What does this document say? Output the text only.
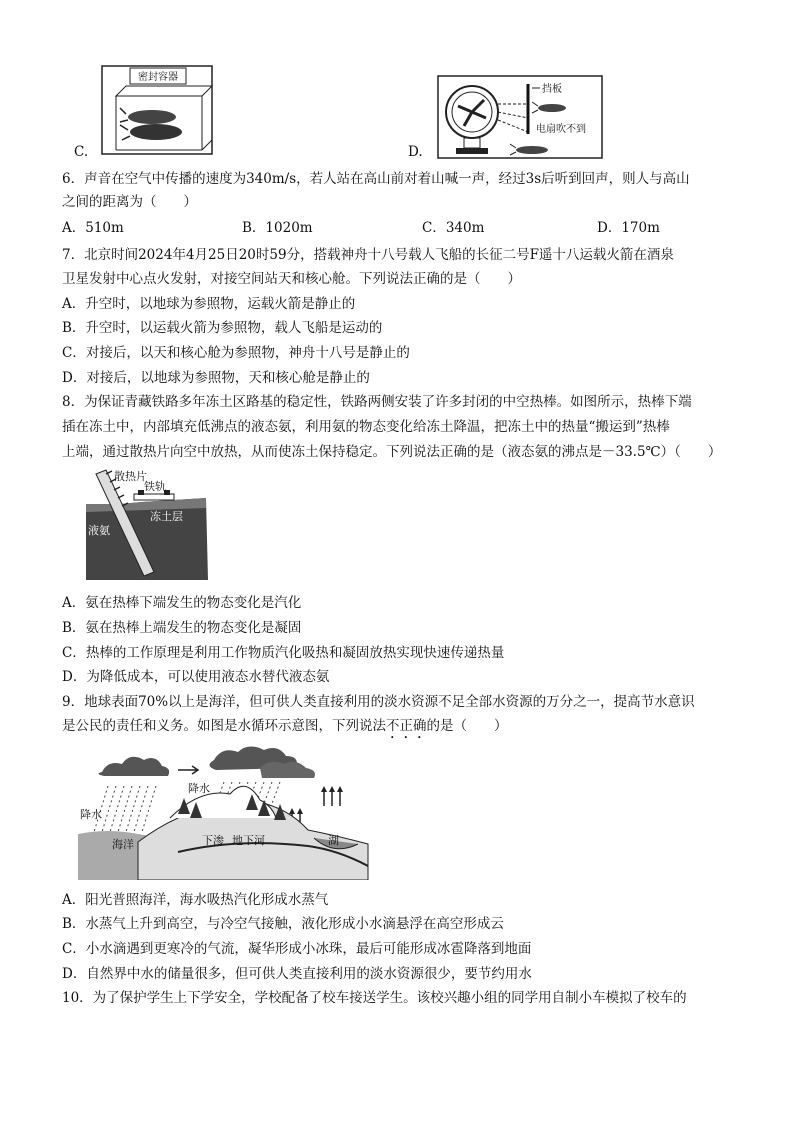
C.
密封容器
D.
挡板
电扇吹不到
6．声音在空气中传播的速度为340m/s，若人站在高山前对着山喊一声，经过3s后听到回声，则人与高山
之间的距离为（　　）
A．510m	B．1020m	C．340m	D．170m
7．北京时间2024年4月25日20时59分，搭载神舟十八号载人飞船的长征二号F遥十八运载火箭在酒泉
卫星发射中心点火发射，对接空间站天和核心舱。下列说法正确的是（　　）
A．升空时，以地球为参照物，运载火箭是静止的
B．升空时，以运载火箭为参照物，载人飞船是运动的
C．对接后，以天和核心舱为参照物，神舟十八号是静止的
D．对接后，以地球为参照物，天和核心舱是静止的
8．为保证青藏铁路多年冻土区路基的稳定性，铁路两侧安装了许多封闭的中空热棒。如图所示，热棒下端
插在冻土中，内部填充低沸点的液态氨，利用氨的物态变化给冻土降温，把冻土中的热量“搬运到”热棒
上端，通过散热片向空中放热，从而使冻土保持稳定。下列说法正确的是（液态氨的沸点是－33.5℃）（　　）
散热片
铁轨
冻土层
液氨
A．氨在热棒下端发生的物态变化是汽化
B．氨在热棒上端发生的物态变化是凝固
C．热棒的工作原理是利用工作物质汽化吸热和凝固放热实现快速传递热量
D．为降低成本，可以使用液态水替代液态氨
9．地球表面70%以上是海洋，但可供人类直接利用的淡水资源不足全部水资源的万分之一，提高节水意识
是公民的责任和义务。如图是水循环示意图，下列说法不正确的是（　　）
降水
降水
海洋	下渗 地下河	湖
A．阳光普照海洋，海水吸热汽化形成水蒸气
B．水蒸气上升到高空，与冷空气接触，液化形成小水滴悬浮在高空形成云
C．小水滴遇到更寒冷的气流，凝华形成小冰珠，最后可能形成冰雹降落到地面
D．自然界中水的储量很多，但可供人类直接利用的淡水资源很少，要节约用水
10．为了保护学生上下学安全，学校配备了校车接送学生。该校兴趣小组的同学用自制小车模拟了校车的
